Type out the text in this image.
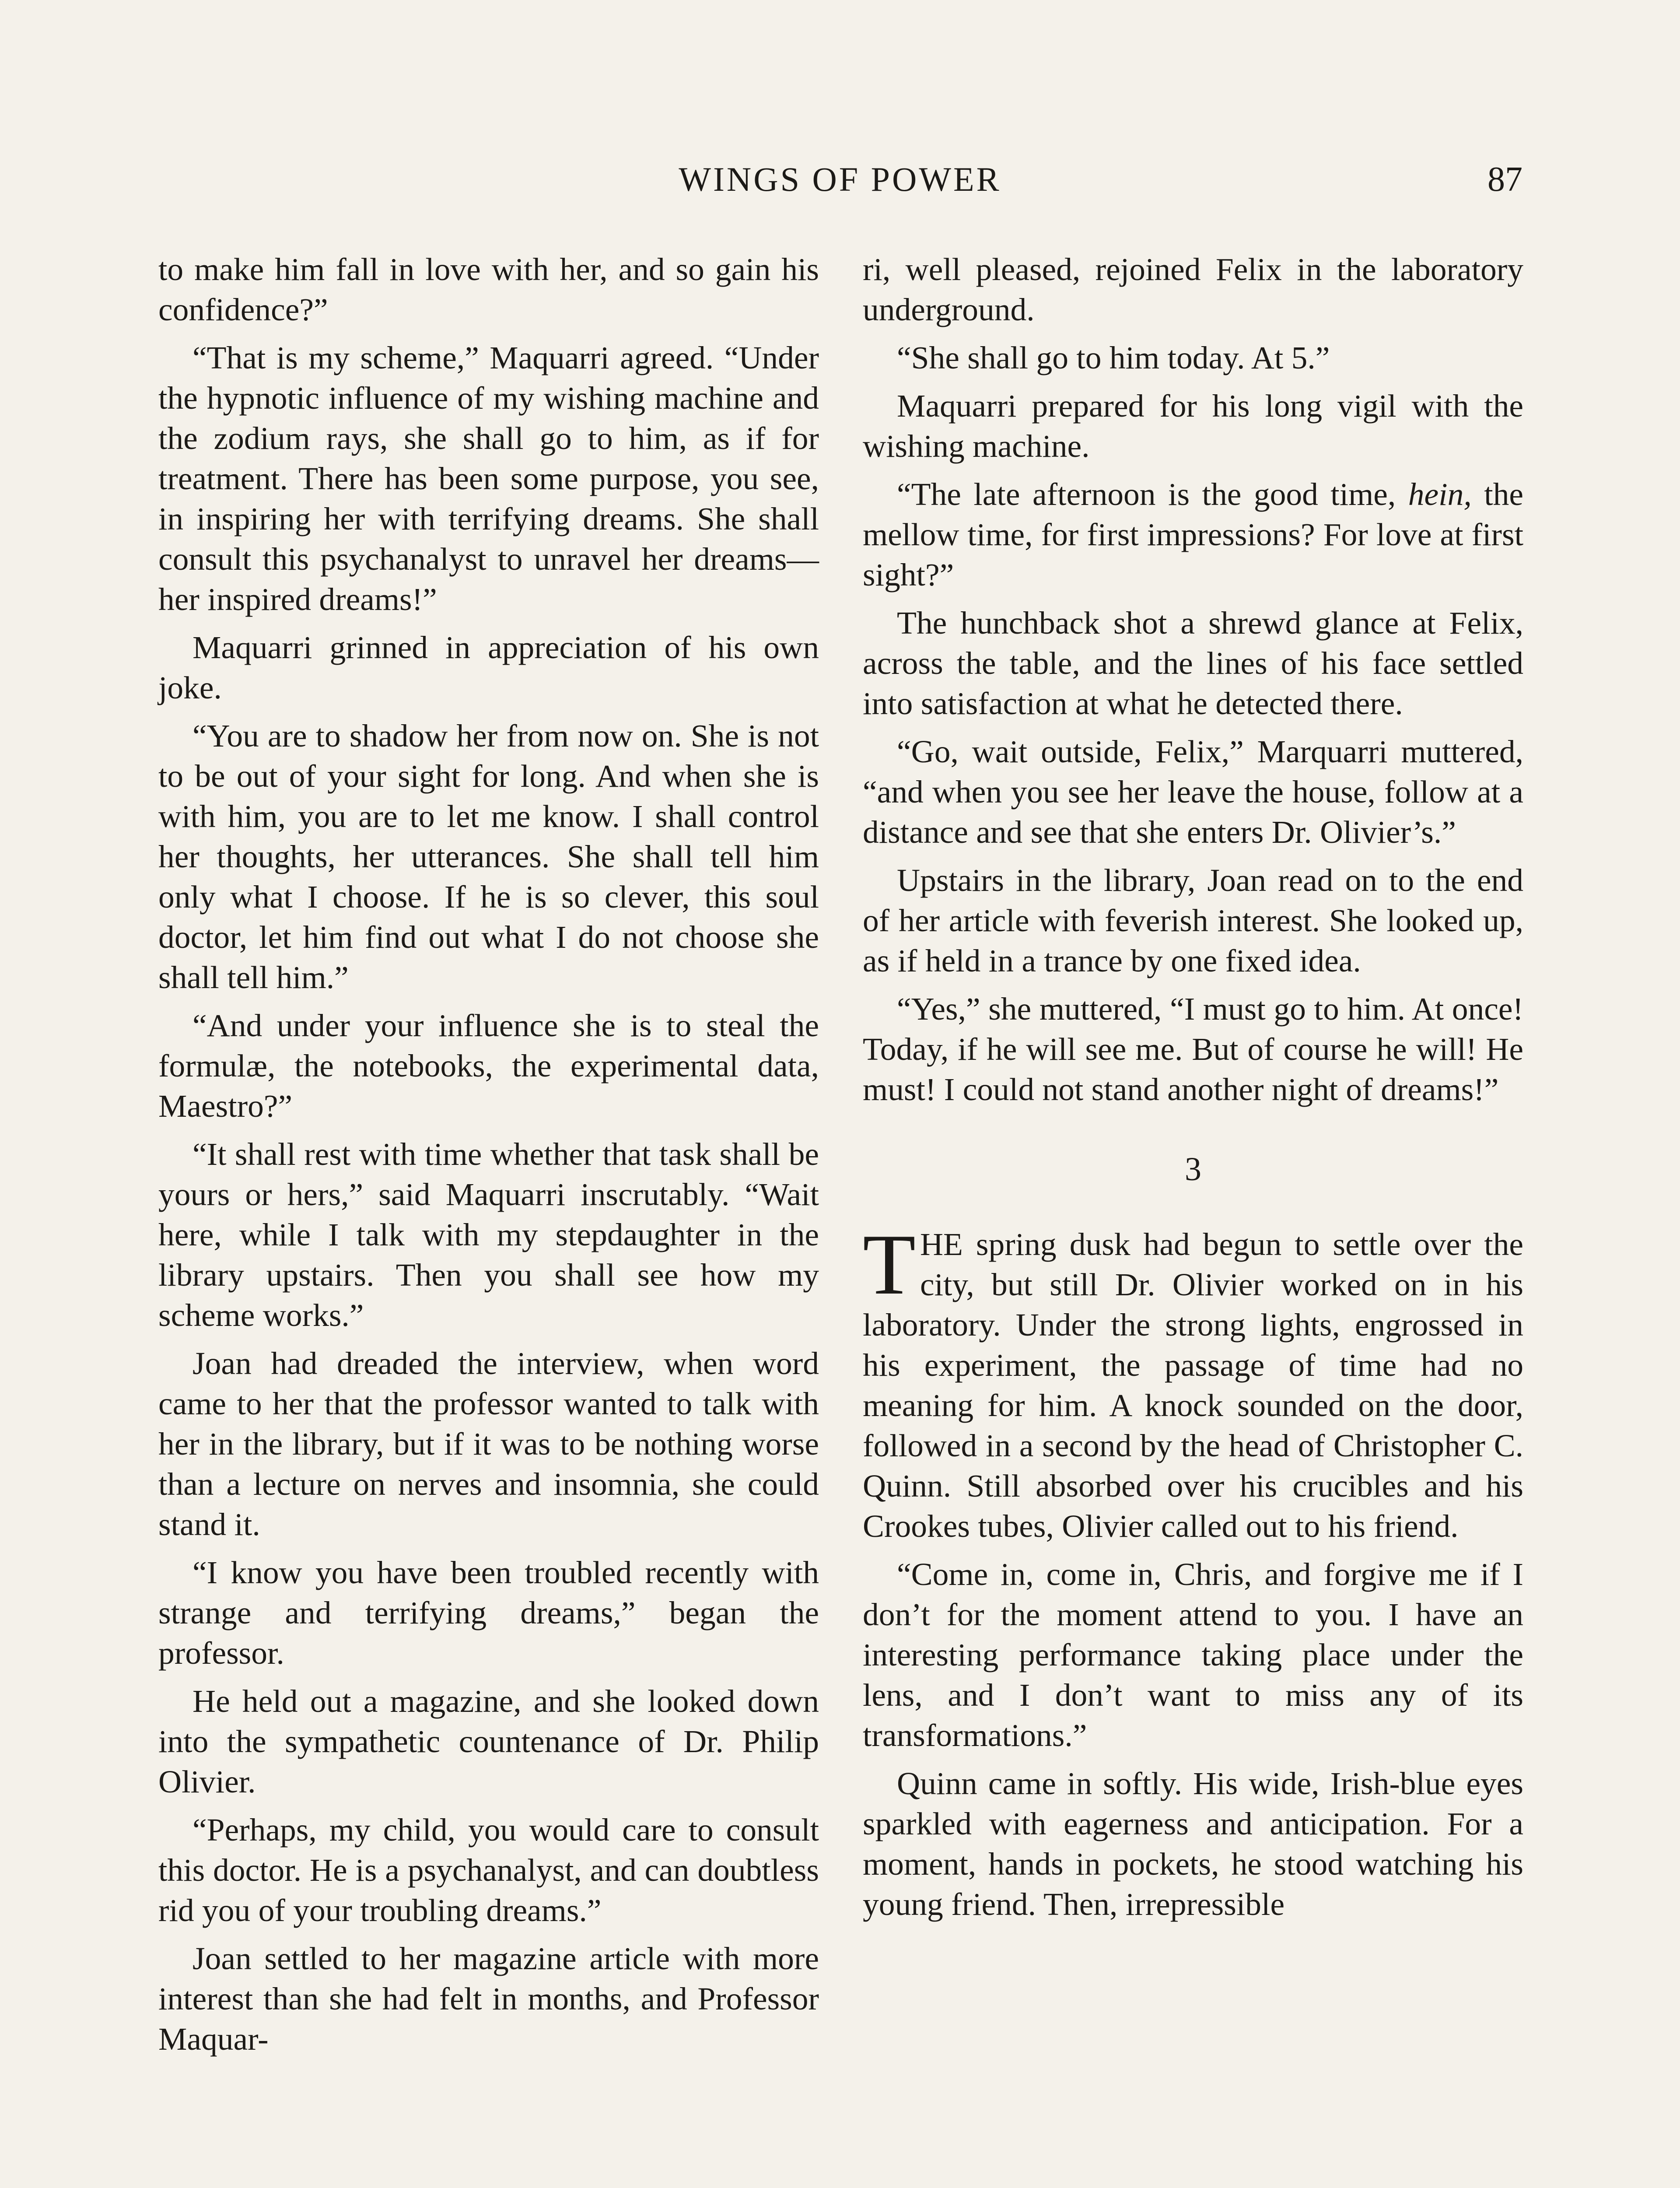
WINGS OF POWER	87

to make him fall in love with her, and so gain his confidence?”

“That is my scheme,” Maquarri agreed. “Under the hypnotic influence of my wishing machine and the zodium rays, she shall go to him, as if for treatment. There has been some purpose, you see, in inspiring her with terrifying dreams. She shall consult this psychanalyst to unravel her dreams—her inspired dreams!”

Maquarri grinned in appreciation of his own joke.

“You are to shadow her from now on. She is not to be out of your sight for long. And when she is with him, you are to let me know. I shall control her thoughts, her utterances. She shall tell him only what I choose. If he is so clever, this soul doctor, let him find out what I do not choose she shall tell him.”

“And under your influence she is to steal the formulæ, the notebooks, the experimental data, Maestro?”

“It shall rest with time whether that task shall be yours or hers,” said Maquarri inscrutably. “Wait here, while I talk with my stepdaughter in the library upstairs. Then you shall see how my scheme works.”

Joan had dreaded the interview, when word came to her that the professor wanted to talk with her in the library, but if it was to be nothing worse than a lecture on nerves and insomnia, she could stand it.

“I know you have been troubled recently with strange and terrifying dreams,” began the professor.

He held out a magazine, and she looked down into the sympathetic countenance of Dr. Philip Olivier.

“Perhaps, my child, you would care to consult this doctor. He is a psychanalyst, and can doubtless rid you of your troubling dreams.”

Joan settled to her magazine article with more interest than she had felt in months, and Professor Maquar-

ri, well pleased, rejoined Felix in the laboratory underground.

“She shall go to him today. At 5.”

Maquarri prepared for his long vigil with the wishing machine.

“The late afternoon is the good time, hein, the mellow time, for first impressions? For love at first sight?”

The hunchback shot a shrewd glance at Felix, across the table, and the lines of his face settled into satisfaction at what he detected there.

“Go, wait outside, Felix,” Marquarri muttered, “and when you see her leave the house, follow at a distance and see that she enters Dr. Olivier’s.”

Upstairs in the library, Joan read on to the end of her article with feverish interest. She looked up, as if held in a trance by one fixed idea.

“Yes,” she muttered, “I must go to him. At once! Today, if he will see me. But of course he will! He must! I could not stand another night of dreams!”

3

THE spring dusk had begun to settle over the city, but still Dr. Olivier worked on in his laboratory. Under the strong lights, engrossed in his experiment, the passage of time had no meaning for him. A knock sounded on the door, followed in a second by the head of Christopher C. Quinn. Still absorbed over his crucibles and his Crookes tubes, Olivier called out to his friend.

“Come in, come in, Chris, and forgive me if I don’t for the moment attend to you. I have an interesting performance taking place under the lens, and I don’t want to miss any of its transformations.”

Quinn came in softly. His wide, Irish-blue eyes sparkled with eagerness and anticipation. For a moment, hands in pockets, he stood watching his young friend. Then, irrepressible
